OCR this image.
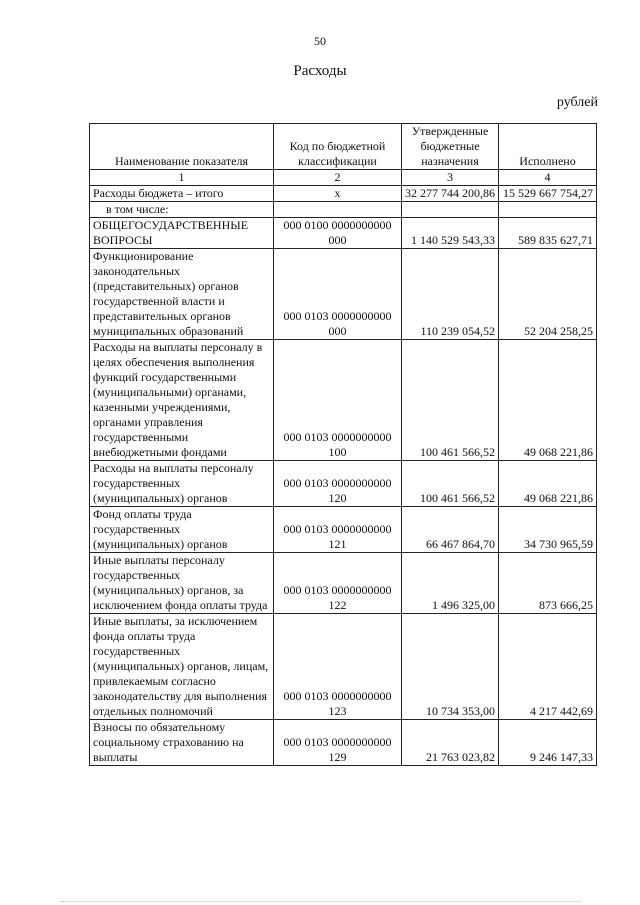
50
Расходы
рублей
Наименование показателя	Код по бюджетной классификации	Утвержденные бюджетные назначения	Исполнено
1	2	3	4
Расходы бюджета – итого	x	32 277 744 200,86	15 529 667 754,27
в том числе:			
ОБЩЕГОСУДАРСТВЕННЫЕ ВОПРОСЫ	000 0100 0000000000 000	1 140 529 543,33	589 835 627,71
Функционирование законодательных (представительных) органов государственной власти и представительных органов муниципальных образований	000 0103 0000000000 000	110 239 054,52	52 204 258,25
Расходы на выплаты персоналу в целях обеспечения выполнения функций государственными (муниципальными) органами, казенными учреждениями, органами управления государственными внебюджетными фондами	000 0103 0000000000 100	100 461 566,52	49 068 221,86
Расходы на выплаты персоналу государственных (муниципальных) органов	000 0103 0000000000 120	100 461 566,52	49 068 221,86
Фонд оплаты труда государственных (муниципальных) органов	000 0103 0000000000 121	66 467 864,70	34 730 965,59
Иные выплаты персоналу государственных (муниципальных) органов, за исключением фонда оплаты труда	000 0103 0000000000 122	1 496 325,00	873 666,25
Иные выплаты, за исключением фонда оплаты труда государственных (муниципальных) органов, лицам, привлекаемым согласно законодательству для выполнения отдельных полномочий	000 0103 0000000000 123	10 734 353,00	4 217 442,69
Взносы по обязательному социальному страхованию на выплаты	000 0103 0000000000 129	21 763 023,82	9 246 147,33
